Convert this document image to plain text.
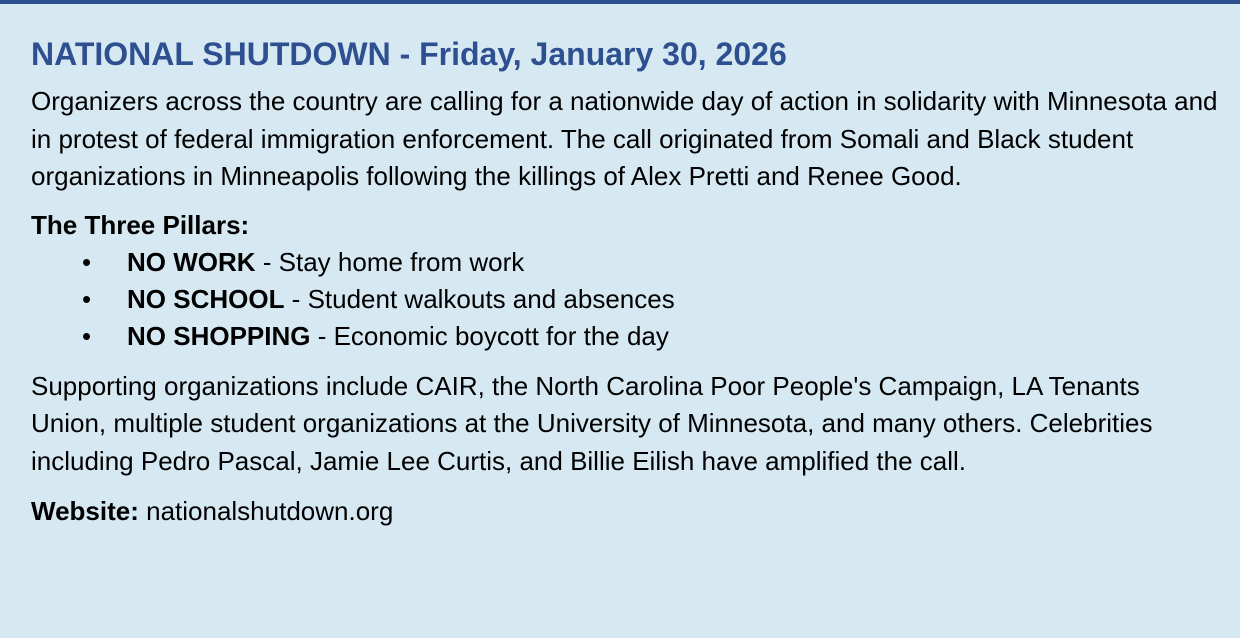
NATIONAL SHUTDOWN - Friday, January 30, 2026

Organizers across the country are calling for a nationwide day of action in solidarity with Minnesota and in protest of federal immigration enforcement. The call originated from Somali and Black student organizations in Minneapolis following the killings of Alex Pretti and Renee Good.

The Three Pillars:
• NO WORK - Stay home from work
• NO SCHOOL - Student walkouts and absences
• NO SHOPPING - Economic boycott for the day

Supporting organizations include CAIR, the North Carolina Poor People's Campaign, LA Tenants Union, multiple student organizations at the University of Minnesota, and many others. Celebrities including Pedro Pascal, Jamie Lee Curtis, and Billie Eilish have amplified the call.

Website: nationalshutdown.org
